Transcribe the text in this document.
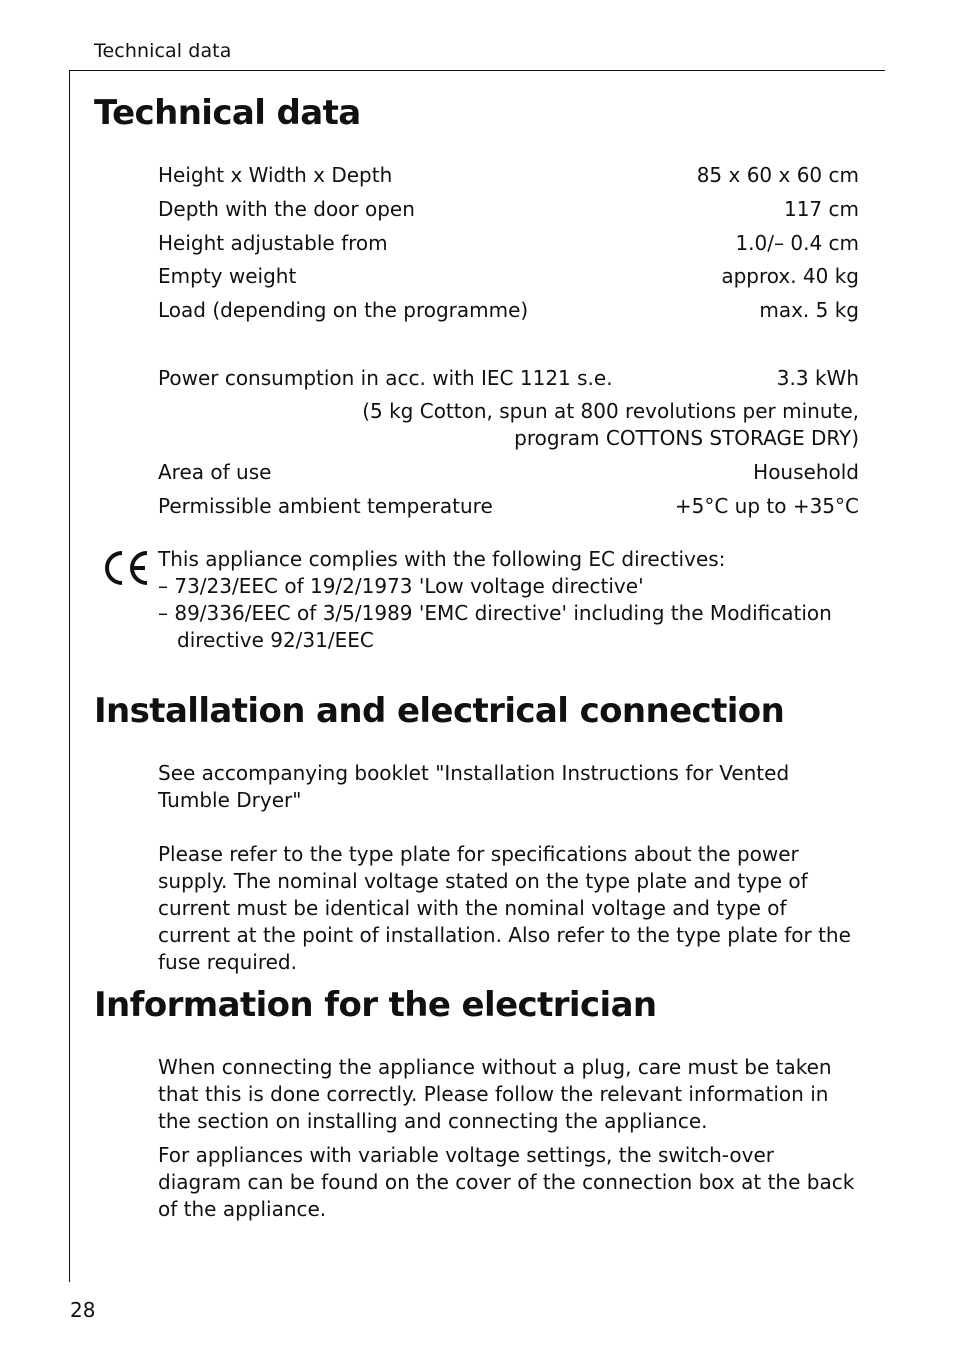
Technical data
Technical data
Height x Width x Depth	85 x 60 x 60 cm
Depth with the door open	117 cm
Height adjustable from	1.0/– 0.4 cm
Empty weight	approx. 40 kg
Load (depending on the programme)	max. 5 kg
Power consumption in acc. with IEC 1121 s.e.	3.3 kWh
(5 kg Cotton, spun at 800 revolutions per minute,
program COTTONS STORAGE DRY)
Area of use	Household
Permissible ambient temperature	+5°C up to +35°C
This appliance complies with the following EC directives:
– 73/23/EEC of 19/2/1973 'Low voltage directive'
– 89/336/EEC of 3/5/1989 'EMC directive' including the Modification directive 92/31/EEC
Installation and electrical connection

See accompanying booklet "Installation Instructions for Vented Tumble Dryer"

Please refer to the type plate for specifications about the power supply. The nominal voltage stated on the type plate and type of current must be identical with the nominal voltage and type of current at the point of installation. Also refer to the type plate for the fuse required.

Information for the electrician

When connecting the appliance without a plug, care must be taken that this is done correctly. Please follow the relevant information in the section on installing and connecting the appliance.

For appliances with variable voltage settings, the switch-over diagram can be found on the cover of the connection box at the back of the appliance.

28
